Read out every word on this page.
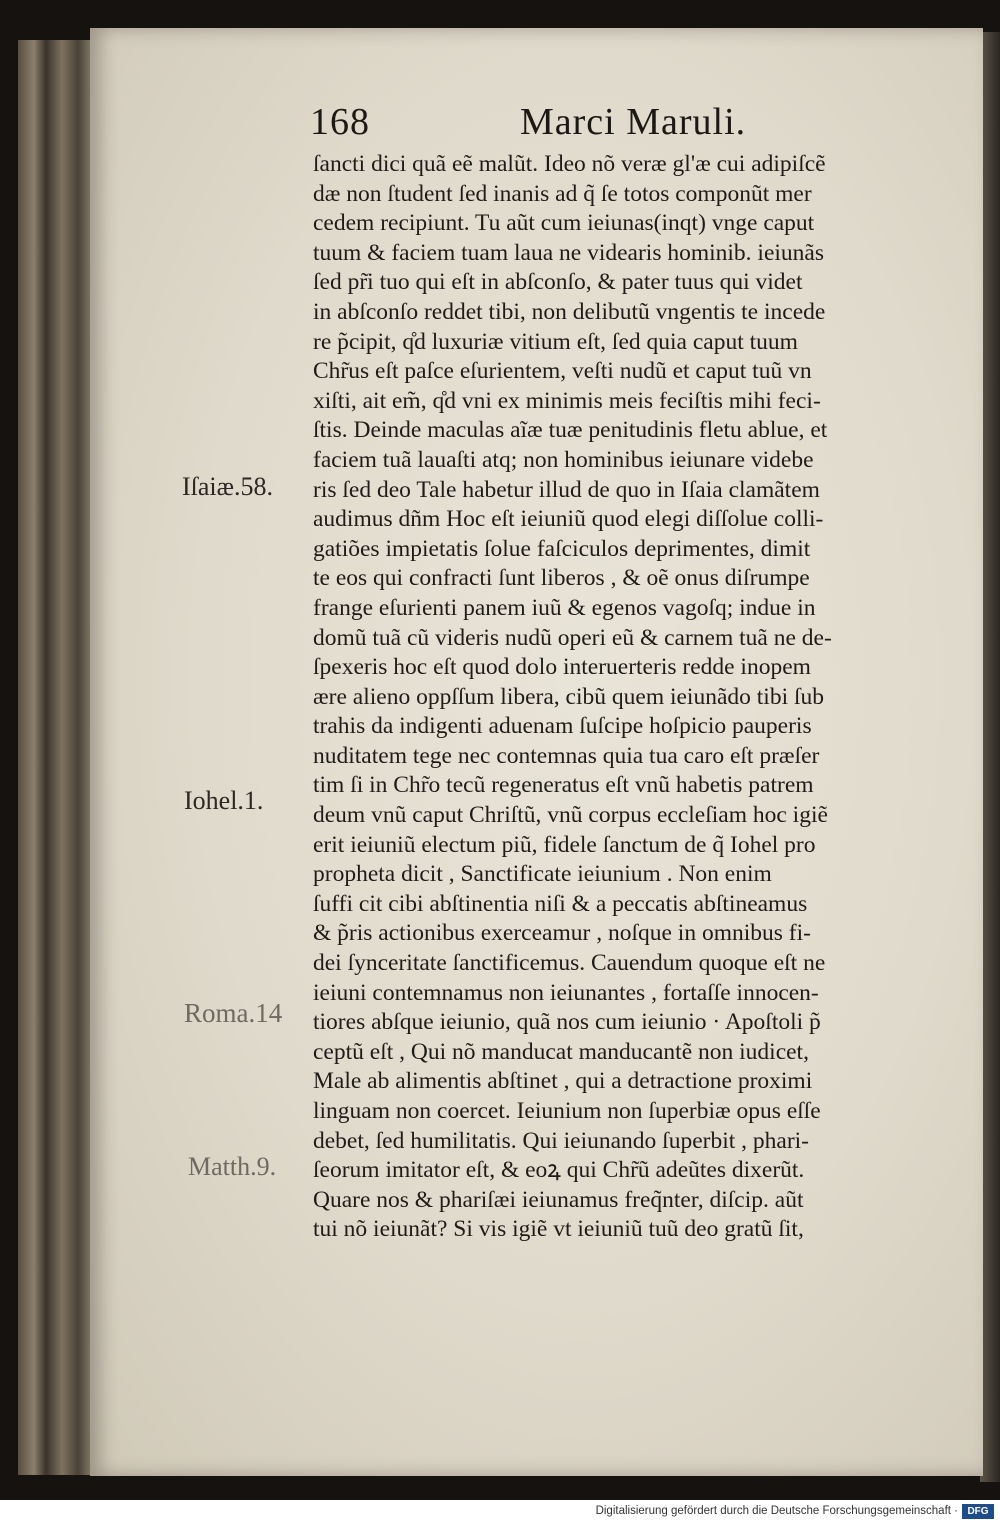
168	Marci Maruli.
ſancti dici quã eẽ malũt. Ideo nõ veræ gl'æ cui adipiſcẽ
dæ non ſtudent ſed inanis ad q̃ ſe totos componũt mer
cedem recipiunt. Tu aũt cum ieiunas(inqt) vnge caput
tuum & faciem tuam laua ne videaris hominib. ieiunãs
ſed pr̃i tuo qui eſt in abſconſo, & pater tuus qui videt
in abſconſo reddet tibi, non delibutũ vngentis te incede
re p̃cipit, q̊d luxuriæ vitium eſt, ſed quia caput tuum
Chr̃us eſt paſce eſurientem, veſti nudũ et caput tuũ vn
xiſti, ait em̃, q̊d vni ex minimis meis feciſtis mihi feci-
ſtis. Deinde maculas aĩæ tuæ penitudinis fletu ablue, et
faciem tuã lauaſti atq; non hominibus ieiunare videbe
ris ſed deo Tale habetur illud de quo in Iſaia clamãtem
audimus dñm Hoc eſt ieiuniũ quod elegi diſſolue colli-
gatiões impietatis ſolue faſciculos deprimentes, dimit
te eos qui confracti ſunt liberos , & oẽ onus diſrumpe
frange eſurienti panem iuũ & egenos vagoſq; indue in
domũ tuã cũ videris nudũ operi eũ & carnem tuã ne de-
ſpexeris hoc eſt quod dolo interuerteris redde inopem
ære alieno oppſſum libera, cibũ quem ieiunãdo tibi ſub
trahis da indigenti aduenam ſuſcipe hoſpicio pauperis
nuditatem tege nec contemnas quia tua caro eſt præſer
tim ſi in Chr̃o tecũ regeneratus eſt vnũ habetis patrem
deum vnũ caput Chriſtũ, vnũ corpus eccleſiam hoc igiẽ
erit ieiuniũ electum piũ, fidele ſanctum de q̃ Iohel pro
propheta dicit , Sanctificate ieiunium . Non enim
ſuffi cit cibi abſtinentia niſi & a peccatis abſtineamus
& p̃ris actionibus exerceamur , noſque in omnibus fi-
dei ſynceritate ſanctificemus. Cauendum quoque eſt ne
ieiuni contemnamus non ieiunantes , fortaſſe innocen-
tiores abſque ieiunio, quã nos cum ieiunio · Apoſtoli p̃
ceptũ eſt , Qui nõ manducat manducantẽ non iudicet,
Male ab alimentis abſtinet , qui a detractione proximi
linguam non coercet. Ieiunium non ſuperbiæ opus eſſe
debet, ſed humilitatis. Qui ieiunando ſuperbit , phari-
ſeorum imitator eſt, & eoꝝ qui Chr̃ũ adeũtes dixerũt.
Quare nos & phariſæi ieiunamus freq̃nter, diſcip. aũt
tui nõ ieiunãt? Si vis igiẽ vt ieiuniũ tuũ deo gratũ ſit,
Iſaiæ.58.
Iohel.1.
Roma.14
Matth.9.
Digitalisierung gefördert durch die Deutsche Forschungsgemeinschaft · DFG
